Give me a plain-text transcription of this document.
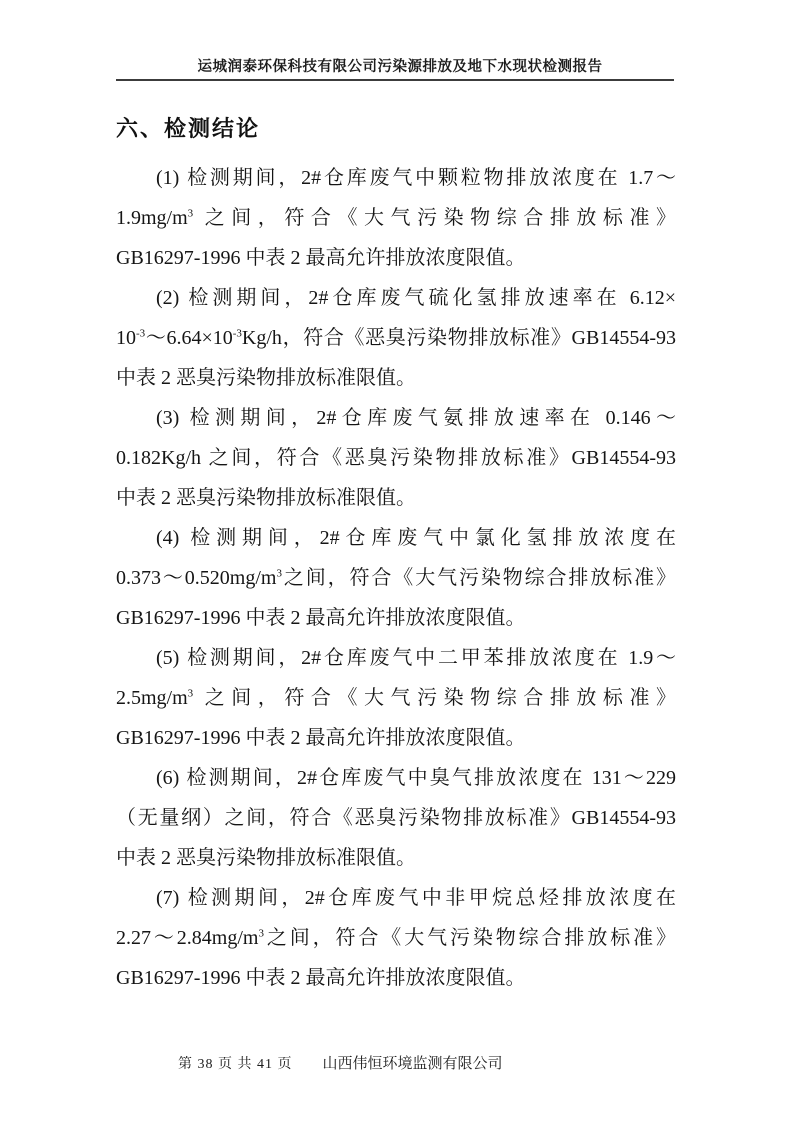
运城润泰环保科技有限公司污染源排放及地下水现状检测报告
六、检测结论
(1) 检测期间，2#仓库废气中颗粒物排放浓度在 1.7～
$1.9mg/m^3$ 之间，符合《大气污染物综合排放标准》
GB16297-1996 中表 2 最高允许排放浓度限值。
(2) 检测期间，2#仓库废气硫化氢排放速率在 6.12×
$10^{-3}\sim 6.64\times 10^{-3}Kg/h$，符合《恶臭污染物排放标准》GB14554-93
中表 2 恶臭污染物排放标准限值。
(3) 检测期间，2#仓库废气氨排放速率在 0.146～
0.182Kg/h 之间，符合《恶臭污染物排放标准》GB14554-93
中表 2 恶臭污染物排放标准限值。
(4) 检测期间，2#仓库废气中氯化氢排放浓度在
$0.373\sim 0.520mg/m^3$之间，符合《大气污染物综合排放标准》
GB16297-1996 中表 2 最高允许排放浓度限值。
(5) 检测期间，2#仓库废气中二甲苯排放浓度在 1.9～
$2.5mg/m^3$ 之间，符合《大气污染物综合排放标准》
GB16297-1996 中表 2 最高允许排放浓度限值。
(6) 检测期间，2#仓库废气中臭气排放浓度在 131～229
（无量纲）之间，符合《恶臭污染物排放标准》GB14554-93
中表 2 恶臭污染物排放标准限值。
(7) 检测期间，2#仓库废气中非甲烷总烃排放浓度在
$2.27\sim 2.84mg/m^3$之间，符合《大气污染物综合排放标准》
GB16297-1996 中表 2 最高允许排放浓度限值。
第 38 页 共 41 页 山西伟恒环境监测有限公司
